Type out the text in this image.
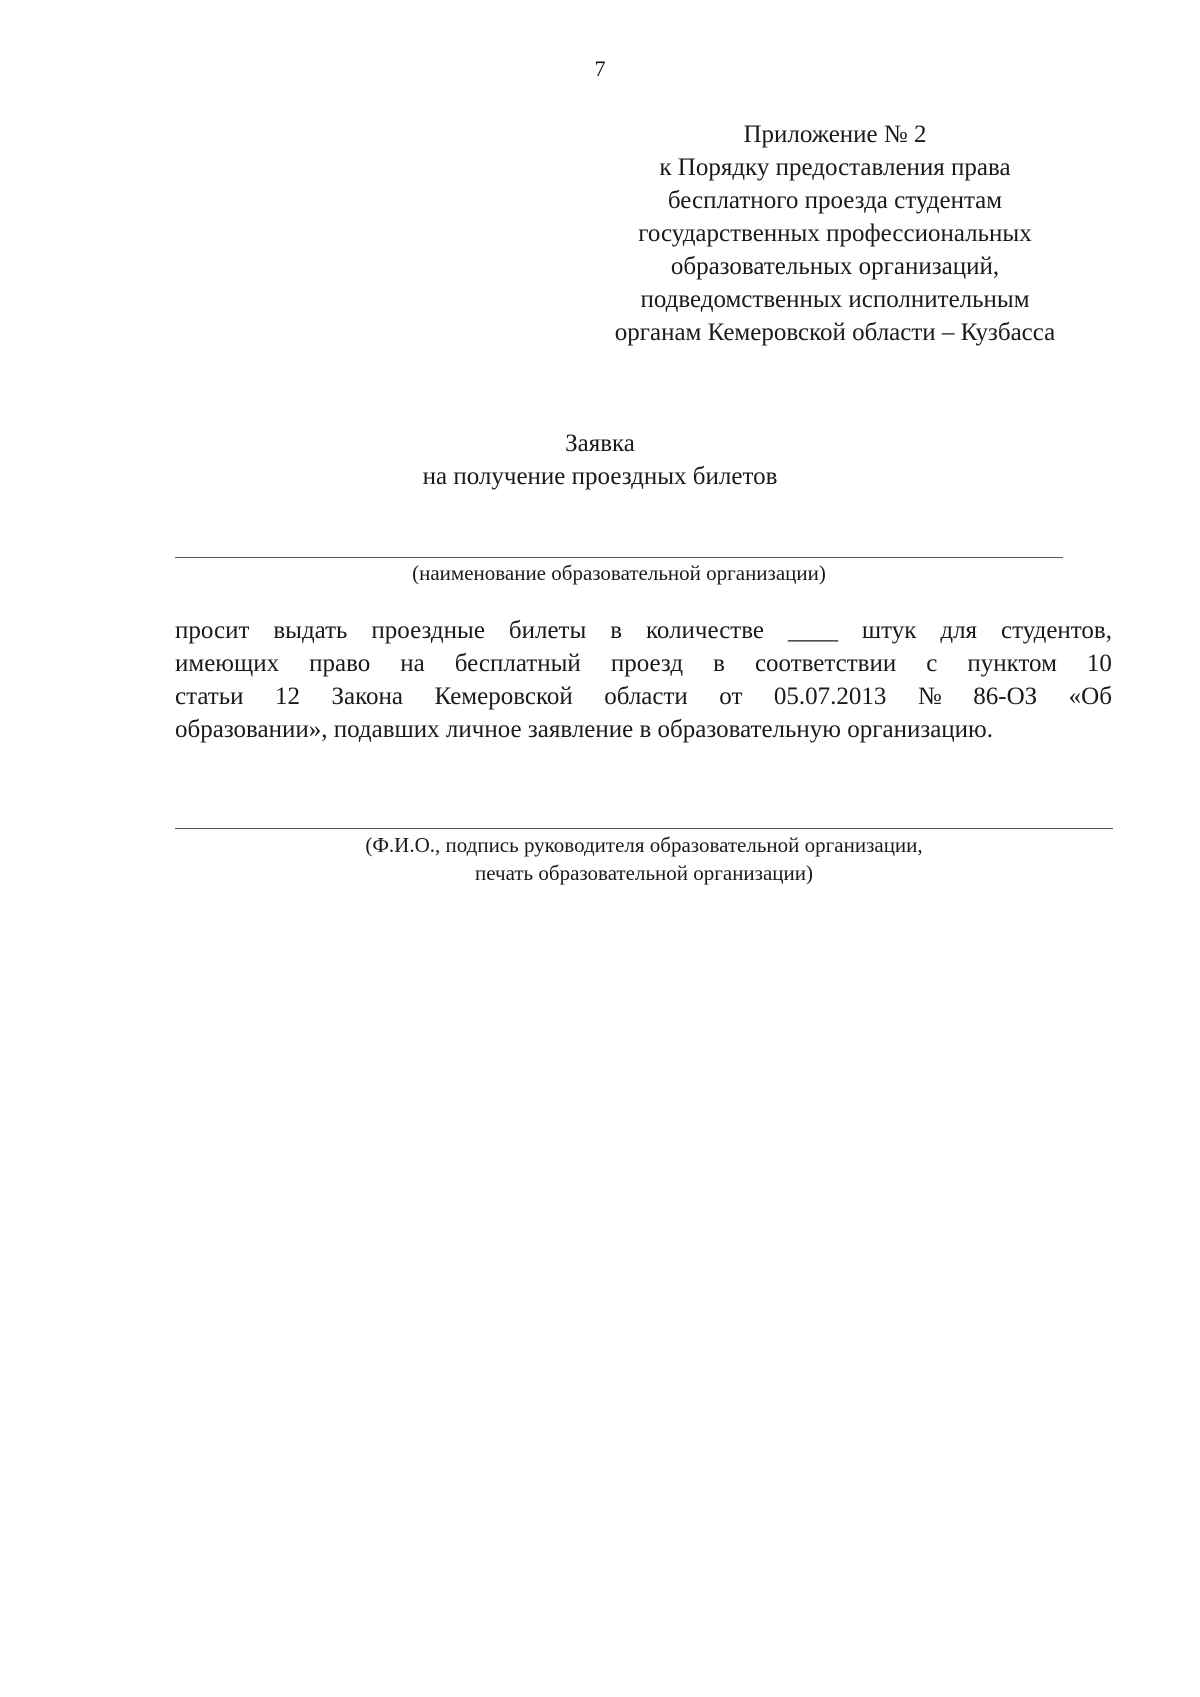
7
Приложение № 2
к Порядку предоставления права
бесплатного проезда студентам
государственных профессиональных
образовательных организаций,
подведомственных исполнительным
органам Кемеровской области – Кузбасса
Заявка
на получение проездных билетов
(наименование образовательной организации)
просит выдать проездные билеты в количестве ____ штук для студентов,
имеющих право на бесплатный проезд в соответствии с пунктом 10
статьи 12 Закона Кемеровской области от 05.07.2013 № 86-ОЗ «Об
образовании», подавших личное заявление в образовательную организацию.
(Ф.И.О., подпись руководителя образовательной организации,
печать образовательной организации)
